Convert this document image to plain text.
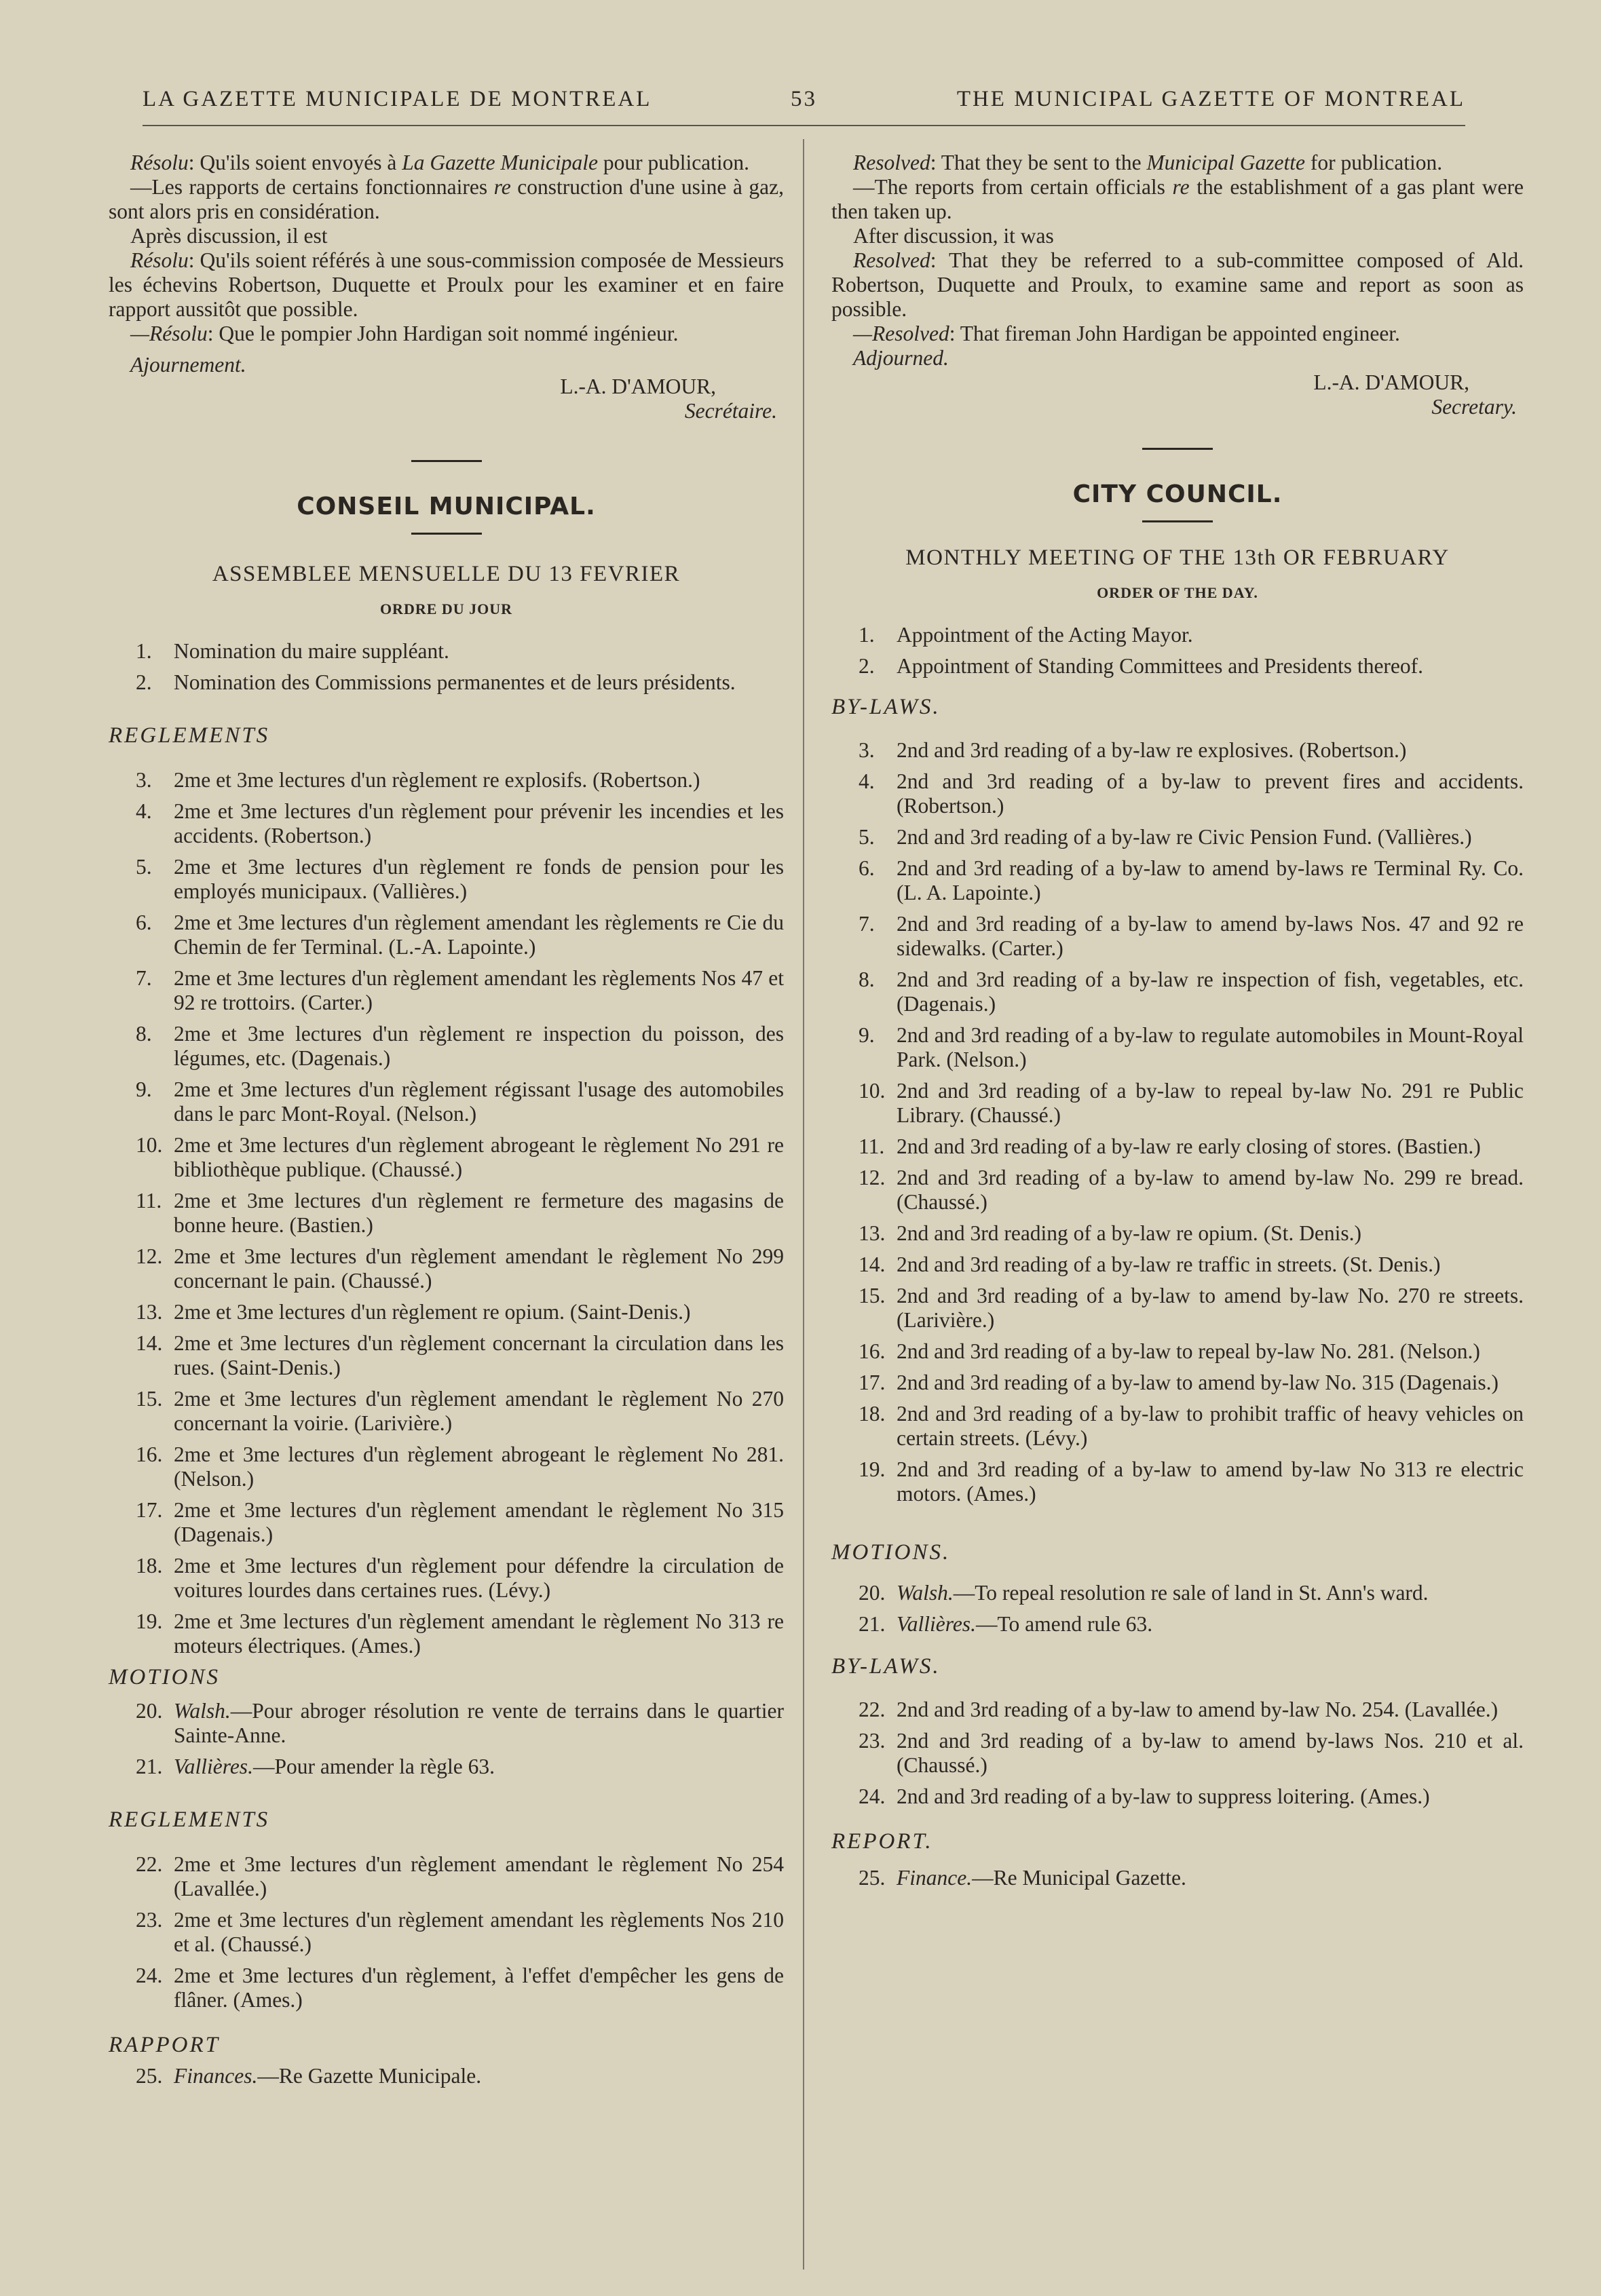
LA GAZETTE MUNICIPALE DE MONTREAL	53	THE MUNICIPAL GAZETTE OF MONTREAL

Résolu: Qu'ils soient envoyés à La Gazette Municipale pour publication.

—Les rapports de certains fonctionnaires re construction d'une usine à gaz, sont alors pris en considération.

Après discussion, il est

Résolu: Qu'ils soient référés à une sous-commission composée de Messieurs les échevins Robertson, Duquette et Proulx pour les examiner et en faire rapport aussitôt que possible.

—Résolu: Que le pompier John Hardigan soit nommé ingénieur.

Ajournement.

L.-A. D'AMOUR,

Secrétaire.

CONSEIL MUNICIPAL.

ASSEMBLEE MENSUELLE DU 13 FEVRIER

ORDRE DU JOUR

1. Nomination du maire suppléant.
2. Nomination des Commissions permanentes et de leurs présidents.

REGLEMENTS

3. 2me et 3me lectures d'un règlement re explosifs. (Robertson.)
4. 2me et 3me lectures d'un règlement pour prévenir les incendies et les accidents. (Robertson.)
5. 2me et 3me lectures d'un règlement re fonds de pension pour les employés municipaux. (Vallières.)
6. 2me et 3me lectures d'un règlement amendant les règlements re Cie du Chemin de fer Terminal. (L.-A. Lapointe.)
7. 2me et 3me lectures d'un règlement amendant les règlements Nos 47 et 92 re trottoirs. (Carter.)
8. 2me et 3me lectures d'un règlement re inspection du poisson, des légumes, etc. (Dagenais.)
9. 2me et 3me lectures d'un règlement régissant l'usage des automobiles dans le parc Mont-Royal. (Nelson.)
10. 2me et 3me lectures d'un règlement abrogeant le règlement No 291 re bibliothèque publique. (Chaussé.)
11. 2me et 3me lectures d'un règlement re fermeture des magasins de bonne heure. (Bastien.)
12. 2me et 3me lectures d'un règlement amendant le règlement No 299 concernant le pain. (Chaussé.)
13. 2me et 3me lectures d'un règlement re opium. (Saint-Denis.)
14. 2me et 3me lectures d'un règlement concernant la circulation dans les rues. (Saint-Denis.)
15. 2me et 3me lectures d'un règlement amendant le règlement No 270 concernant la voirie. (Larivière.)
16. 2me et 3me lectures d'un règlement abrogeant le règlement No 281. (Nelson.)
17. 2me et 3me lectures d'un règlement amendant le règlement No 315 (Dagenais.)
18. 2me et 3me lectures d'un règlement pour défendre la circulation de voitures lourdes dans certaines rues. (Lévy.)
19. 2me et 3me lectures d'un règlement amendant le règlement No 313 re moteurs électriques. (Ames.)

MOTIONS

20. Walsh.—Pour abroger résolution re vente de terrains dans le quartier Sainte-Anne.
21. Vallières.—Pour amender la règle 63.

REGLEMENTS

22. 2me et 3me lectures d'un règlement amendant le règlement No 254 (Lavallée.)
23. 2me et 3me lectures d'un règlement amendant les règlements Nos 210 et al. (Chaussé.)
24. 2me et 3me lectures d'un règlement, à l'effet d'empêcher les gens de flâner. (Ames.)

RAPPORT

25. Finances.—Re Gazette Municipale.

Resolved: That they be sent to the Municipal Gazette for publication.

—The reports from certain officials re the establishment of a gas plant were then taken up.

After discussion, it was

Resolved: That they be referred to a sub-committee composed of Ald. Robertson, Duquette and Proulx, to examine same and report as soon as possible.

—Resolved: That fireman John Hardigan be appointed engineer.

Adjourned.

L.-A. D'AMOUR,

Secretary.

CITY COUNCIL.

MONTHLY MEETING OF THE 13th OR FEBRUARY

ORDER OF THE DAY.

1. Appointment of the Acting Mayor.
2. Appointment of Standing Committees and Presidents thereof.

BY-LAWS.

3. 2nd and 3rd reading of a by-law re explosives. (Robertson.)
4. 2nd and 3rd reading of a by-law to prevent fires and accidents. (Robertson.)
5. 2nd and 3rd reading of a by-law re Civic Pension Fund. (Vallières.)
6. 2nd and 3rd reading of a by-law to amend by-laws re Terminal Ry. Co. (L. A. Lapointe.)
7. 2nd and 3rd reading of a by-law to amend by-laws Nos. 47 and 92 re sidewalks. (Carter.)
8. 2nd and 3rd reading of a by-law re inspection of fish, vegetables, etc. (Dagenais.)
9. 2nd and 3rd reading of a by-law to regulate automobiles in Mount-Royal Park. (Nelson.)
10. 2nd and 3rd reading of a by-law to repeal by-law No. 291 re Public Library. (Chaussé.)
11. 2nd and 3rd reading of a by-law re early closing of stores. (Bastien.)
12. 2nd and 3rd reading of a by-law to amend by-law No. 299 re bread. (Chaussé.)
13. 2nd and 3rd reading of a by-law re opium. (St. Denis.)
14. 2nd and 3rd reading of a by-law re traffic in streets. (St. Denis.)
15. 2nd and 3rd reading of a by-law to amend by-law No. 270 re streets. (Larivière.)
16. 2nd and 3rd reading of a by-law to repeal by-law No. 281. (Nelson.)
17. 2nd and 3rd reading of a by-law to amend by-law No. 315 (Dagenais.)
18. 2nd and 3rd reading of a by-law to prohibit traffic of heavy vehicles on certain streets. (Lévy.)
19. 2nd and 3rd reading of a by-law to amend by-law No 313 re electric motors. (Ames.)

MOTIONS.

20. Walsh.—To repeal resolution re sale of land in St. Ann's ward.
21. Vallières.—To amend rule 63.

BY-LAWS.

22. 2nd and 3rd reading of a by-law to amend by-law No. 254. (Lavallée.)
23. 2nd and 3rd reading of a by-law to amend by-laws Nos. 210 et al. (Chaussé.)
24. 2nd and 3rd reading of a by-law to suppress loitering. (Ames.)

REPORT.

25. Finance.—Re Municipal Gazette.
